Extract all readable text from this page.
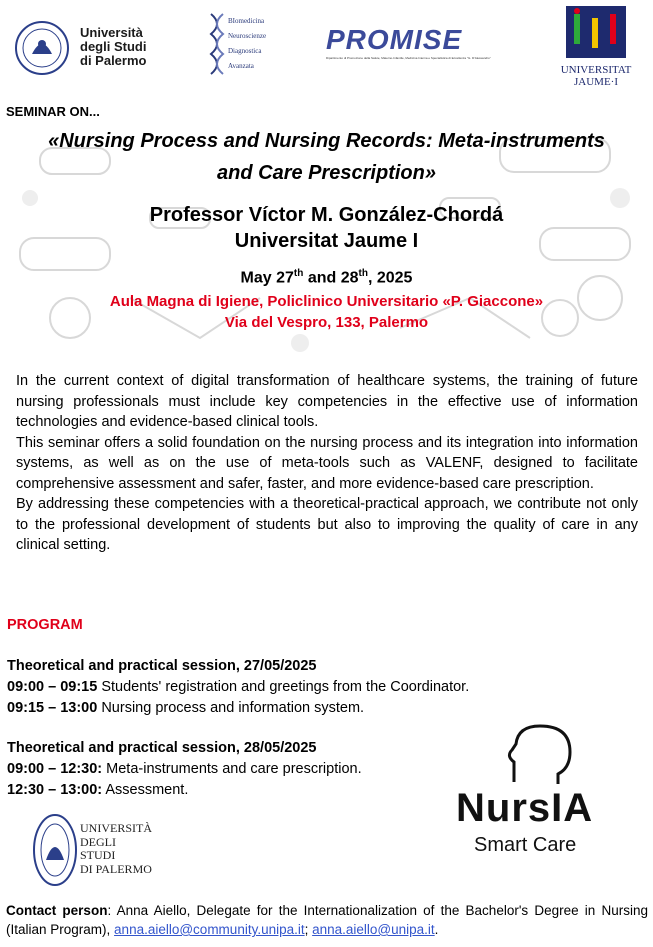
Università
degli Studi
di Palermo
BIomedicina
Neuroscienze
Diagnostica
Avanzata
PROMISE
Dipartimento di Promozione della Salute, Materno-Infantile, Medicina Interna e Specialistica di Eccellenza "G. D'Alessandro"
UNIVERSITAT
JAUME·I
SEMINAR ON...
«Nursing Process and Nursing Records: Meta-instruments
and Care Prescription»
Professor Víctor M. González-Chordá
Universitat Jaume I
May 27th and 28th, 2025
Aula Magna di Igiene, Policlinico Universitario «P. Giaccone»
Via del Vespro, 133, Palermo
In the current context of digital transformation of healthcare systems, the training of future nursing professionals must include key competencies in the effective use of information technologies and evidence-based clinical tools.
This seminar offers a solid foundation on the nursing process and its integration into information systems, as well as on the use of meta-tools such as VALENF, designed to facilitate comprehensive assessment and safer, faster, and more evidence-based care prescription.
By addressing these competencies with a theoretical-practical approach, we contribute not only to the professional development of students but also to improving the quality of care in any clinical setting.
PROGRAM
Theoretical and practical session, 27/05/2025
09:00 – 09:15 Students' registration and greetings from the Coordinator.
09:15 – 13:00 Nursing process and information system.
Theoretical and practical session, 28/05/2025
09:00 – 12:30: Meta-instruments and care prescription.
12:30 – 13:00: Assessment.	NursIA
Smart Care
UNIVERSITÀ
DEGLI STUDI
DI PALERMO
Contact person: Anna Aiello, Delegate for the Internationalization of the Bachelor's Degree in Nursing (Italian Program), anna.aiello@community.unipa.it; anna.aiello@unipa.it.
